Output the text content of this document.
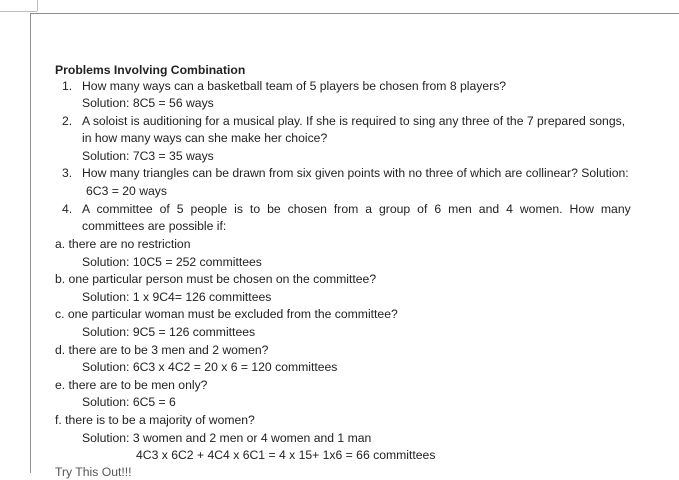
Problems Involving Combination
1. How many ways can a basketball team of 5 players be chosen from 8 players?
Solution: 8C5 = 56 ways
2. A soloist is auditioning for a musical play. If she is required to sing any three of the 7 prepared songs,
in how many ways can she make her choice?
Solution: 7C3 = 35 ways
3. How many triangles can be drawn from six given points with no three of which are collinear? Solution:
6C3 = 20 ways
4. A committee of 5 people is to be chosen from a group of 6 men and 4 women. How many
committees are possible if:
a. there are no restriction
Solution: 10C5 = 252 committees
b. one particular person must be chosen on the committee?
Solution: 1 x 9C4= 126 committees
c. one particular woman must be excluded from the committee?
Solution: 9C5 = 126 committees
d. there are to be 3 men and 2 women?
Solution: 6C3 x 4C2 = 20 x 6 = 120 committees
e. there are to be men only?
Solution: 6C5 = 6
f. there is to be a majority of women?
Solution: 3 women and 2 men or 4 women and 1 man
4C3 x 6C2 + 4C4 x 6C1 = 4 x 15+ 1x6 = 66 committees
Try This Out!!!
